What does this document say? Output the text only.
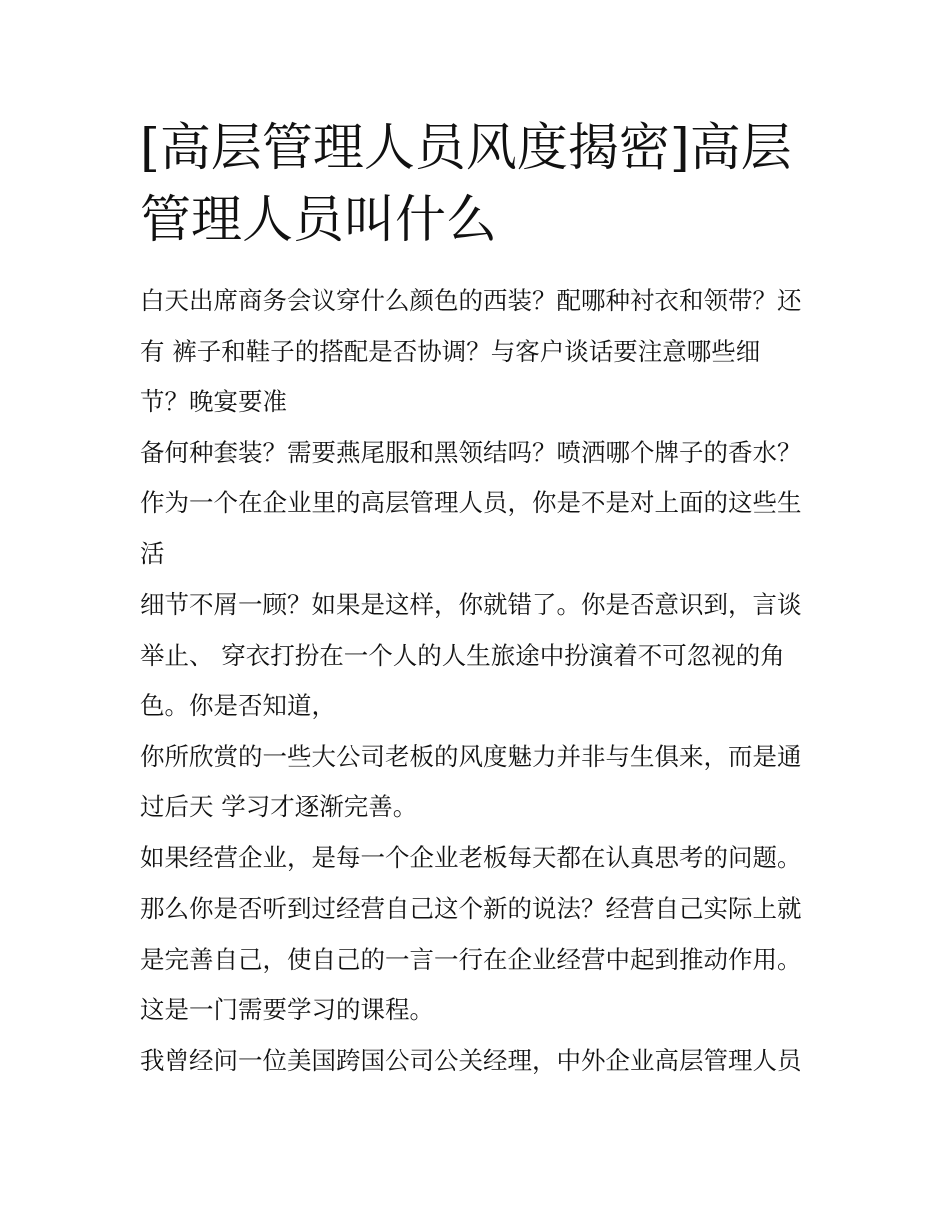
[高层管理人员风度揭密]高层管理人员叫什么

白天出席商务会议穿什么颜色的西装？配哪种衬衣和领带？还

有 裤子和鞋子的搭配是否协调？与客户谈话要注意哪些细

节？晚宴要准

备何种套装？需要燕尾服和黑领结吗？喷洒哪个牌子的香水？

作为一个在企业里的高层管理人员，你是不是对上面的这些生

活

细节不屑一顾？如果是这样，你就错了。你是否意识到，言谈

举止、 穿衣打扮在一个人的人生旅途中扮演着不可忽视的角

色。你是否知道，

你所欣赏的一些大公司老板的风度魅力并非与生俱来，而是通

过后天 学习才逐渐完善。

如果经营企业，是每一个企业老板每天都在认真思考的问题。

那么你是否听到过经营自己这个新的说法？经营自己实际上就

是完善自己，使自己的一言一行在企业经营中起到推动作用。

这是一门需要学习的课程。

我曾经问一位美国跨国公司公关经理，中外企业高层管理人员
